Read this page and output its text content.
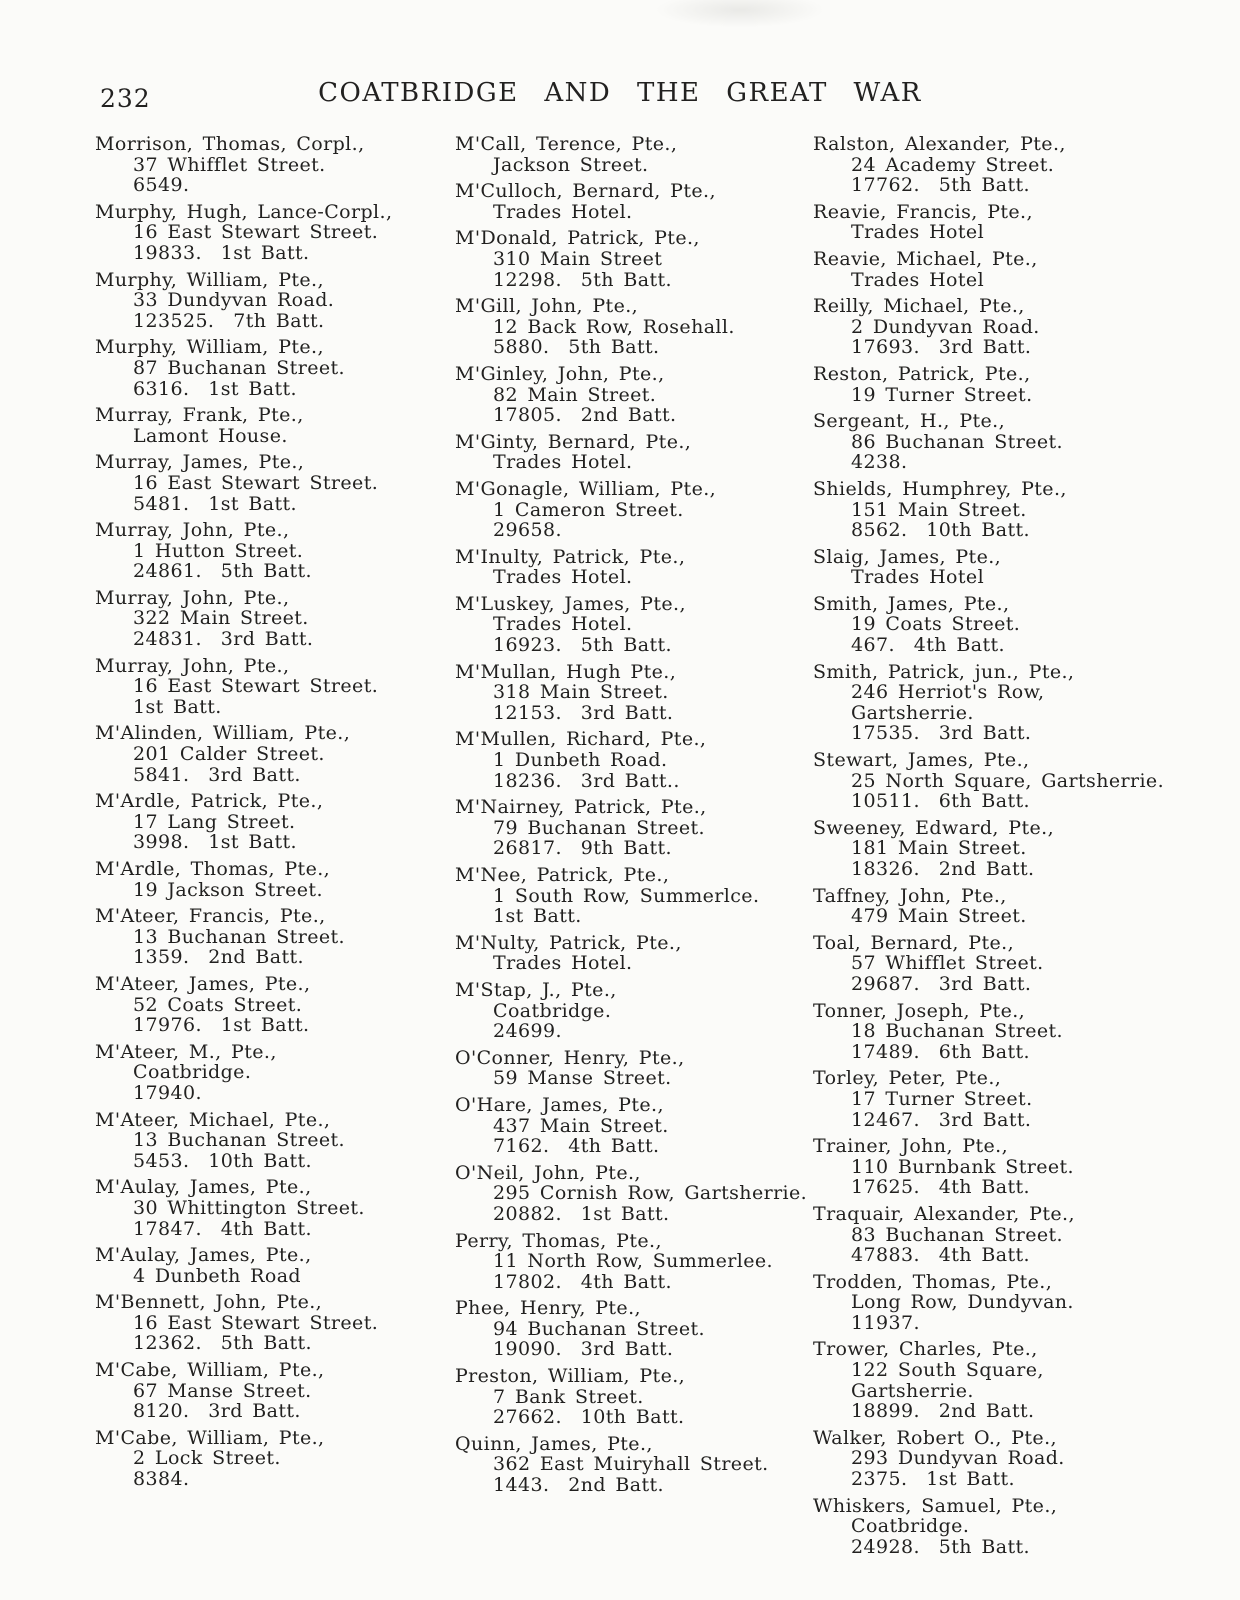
232	COATBRIDGE AND THE GREAT WAR
Morrison, Thomas, Corpl.,
37 Whifflet Street.
6549.
Murphy, Hugh, Lance-Corpl.,
16 East Stewart Street.
19833.  1st Batt.
Murphy, William, Pte.,
33 Dundyvan Road.
123525.  7th Batt.
Murphy, William, Pte.,
87 Buchanan Street.
6316.  1st Batt.
Murray, Frank, Pte.,
Lamont House.
Murray, James, Pte.,
16 East Stewart Street.
5481.  1st Batt.
Murray, John, Pte.,
1 Hutton Street.
24861.  5th Batt.
Murray, John, Pte.,
322 Main Street.
24831.  3rd Batt.
Murray, John, Pte.,
16 East Stewart Street.
1st Batt.
M'Alinden, William, Pte.,
201 Calder Street.
5841.  3rd Batt.
M'Ardle, Patrick, Pte.,
17 Lang Street.
3998.  1st Batt.
M'Ardle, Thomas, Pte.,
19 Jackson Street.
M'Ateer, Francis, Pte.,
13 Buchanan Street.
1359.  2nd Batt.
M'Ateer, James, Pte.,
52 Coats Street.
17976.  1st Batt.
M'Ateer, M., Pte.,
Coatbridge.
17940.
M'Ateer, Michael, Pte.,
13 Buchanan Street.
5453.  10th Batt.
M'Aulay, James, Pte.,
30 Whittington Street.
17847.  4th Batt.
M'Aulay, James, Pte.,
4 Dunbeth Road
M'Bennett, John, Pte.,
16 East Stewart Street.
12362.  5th Batt.
M'Cabe, William, Pte.,
67 Manse Street.
8120.  3rd Batt.
M'Cabe, William, Pte.,
2 Lock Street.
8384.
M'Call, Terence, Pte.,
Jackson Street.
M'Culloch, Bernard, Pte.,
Trades Hotel.
M'Donald, Patrick, Pte.,
310 Main Street
12298.  5th Batt.
M'Gill, John, Pte.,
12 Back Row, Rosehall.
5880.  5th Batt.
M'Ginley, John, Pte.,
82 Main Street.
17805.  2nd Batt.
M'Ginty, Bernard, Pte.,
Trades Hotel.
M'Gonagle, William, Pte.,
1 Cameron Street.
29658.
M'Inulty, Patrick, Pte.,
Trades Hotel.
M'Luskey, James, Pte.,
Trades Hotel.
16923.  5th Batt.
M'Mullan, Hugh Pte.,
318 Main Street.
12153.  3rd Batt.
M'Mullen, Richard, Pte.,
1 Dunbeth Road.
18236.  3rd Batt..
M'Nairney, Patrick, Pte.,
79 Buchanan Street.
26817.  9th Batt.
M'Nee, Patrick, Pte.,
1 South Row, Summerlce.
1st Batt.
M'Nulty, Patrick, Pte.,
Trades Hotel.
M'Stap, J., Pte.,
Coatbridge.
24699.
O'Conner, Henry, Pte.,
59 Manse Street.
O'Hare, James, Pte.,
437 Main Street.
7162.  4th Batt.
O'Neil, John, Pte.,
295 Cornish Row, Gartsherrie.
20882.  1st Batt.
Perry, Thomas, Pte.,
11 North Row, Summerlee.
17802.  4th Batt.
Phee, Henry, Pte.,
94 Buchanan Street.
19090.  3rd Batt.
Preston, William, Pte.,
7 Bank Street.
27662.  10th Batt.
Quinn, James, Pte.,
362 East Muiryhall Street.
1443.  2nd Batt.
Ralston, Alexander, Pte.,
24 Academy Street.
17762.  5th Batt.
Reavie, Francis, Pte.,
Trades Hotel
Reavie, Michael, Pte.,
Trades Hotel
Reilly, Michael, Pte.,
2 Dundyvan Road.
17693.  3rd Batt.
Reston, Patrick, Pte.,
19 Turner Street.
Sergeant, H., Pte.,
86 Buchanan Street.
4238.
Shields, Humphrey, Pte.,
151 Main Street.
8562.  10th Batt.
Slaig, James, Pte.,
Trades Hotel
Smith, James, Pte.,
19 Coats Street.
467.  4th Batt.
Smith, Patrick, jun., Pte.,
246 Herriot's Row, Gartsherrie.
17535.  3rd Batt.
Stewart, James, Pte.,
25 North Square, Gartsherrie.
10511.  6th Batt.
Sweeney, Edward, Pte.,
181 Main Street.
18326.  2nd Batt.
Taffney, John, Pte.,
479 Main Street.
Toal, Bernard, Pte.,
57 Whifflet Street.
29687.  3rd Batt.
Tonner, Joseph, Pte.,
18 Buchanan Street.
17489.  6th Batt.
Torley, Peter, Pte.,
17 Turner Street.
12467.  3rd Batt.
Trainer, John, Pte.,
110 Burnbank Street.
17625.  4th Batt.
Traquair, Alexander, Pte.,
83 Buchanan Street.
47883.  4th Batt.
Trodden, Thomas, Pte.,
Long Row, Dundyvan.
11937.
Trower, Charles, Pte.,
122 South Square, Gartsherrie.
18899.  2nd Batt.
Walker, Robert O., Pte.,
293 Dundyvan Road.
2375.  1st Batt.
Whiskers, Samuel, Pte.,
Coatbridge.
24928.  5th Batt.
